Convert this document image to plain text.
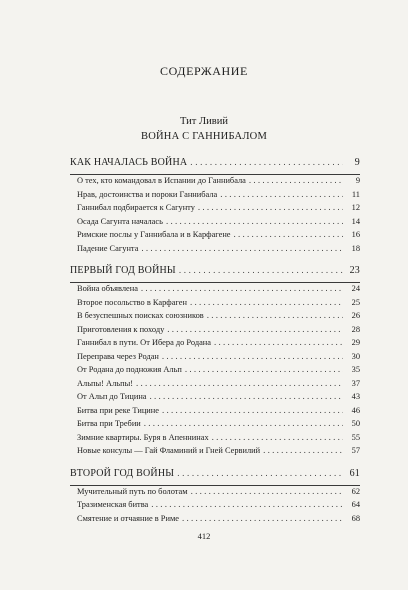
СОДЕРЖАНИЕ
Тит Ливий
ВОЙНА С ГАННИБАЛОМ
КАК НАЧАЛАСЬ ВОЙНА . . .	9
О тех, кто командовал в Испании до Ганнибала . . .	9
Нрав, достоинства и пороки Ганнибала . . .	11
Ганнибал подбирается к Сагунту . . .	12
Осада Сагунта началась . . .	14
Римские послы у Ганнибала и в Карфагене . . .	16
Падение Сагунта . . .	18
ПЕРВЫЙ ГОД ВОЙНЫ . . .	23
Война объявлена . . .	24
Второе посольство в Карфаген . . .	25
В безуспешных поисках союзников . . .	26
Приготовления к походу . . .	28
Ганнибал в пути. От Ибера до Родана . . .	29
Переправа через Родан . . .	30
От Родана до подножия Альп . . .	35
Альпы! Альпы! . . .	37
От Альп до Тицина . . .	43
Битва при реке Тицине . . .	46
Битва при Требии . . .	50
Зимние квартиры. Буря в Апеннинах . . .	55
Новые консулы — Гай Фламиний и Гней Сервилий . . .	57
ВТОРОЙ ГОД ВОЙНЫ . . .	61
Мучительный путь по болотам . . .	62
Тразименская битва . . .	64
Смятение и отчаяние в Риме . . .	68
412
